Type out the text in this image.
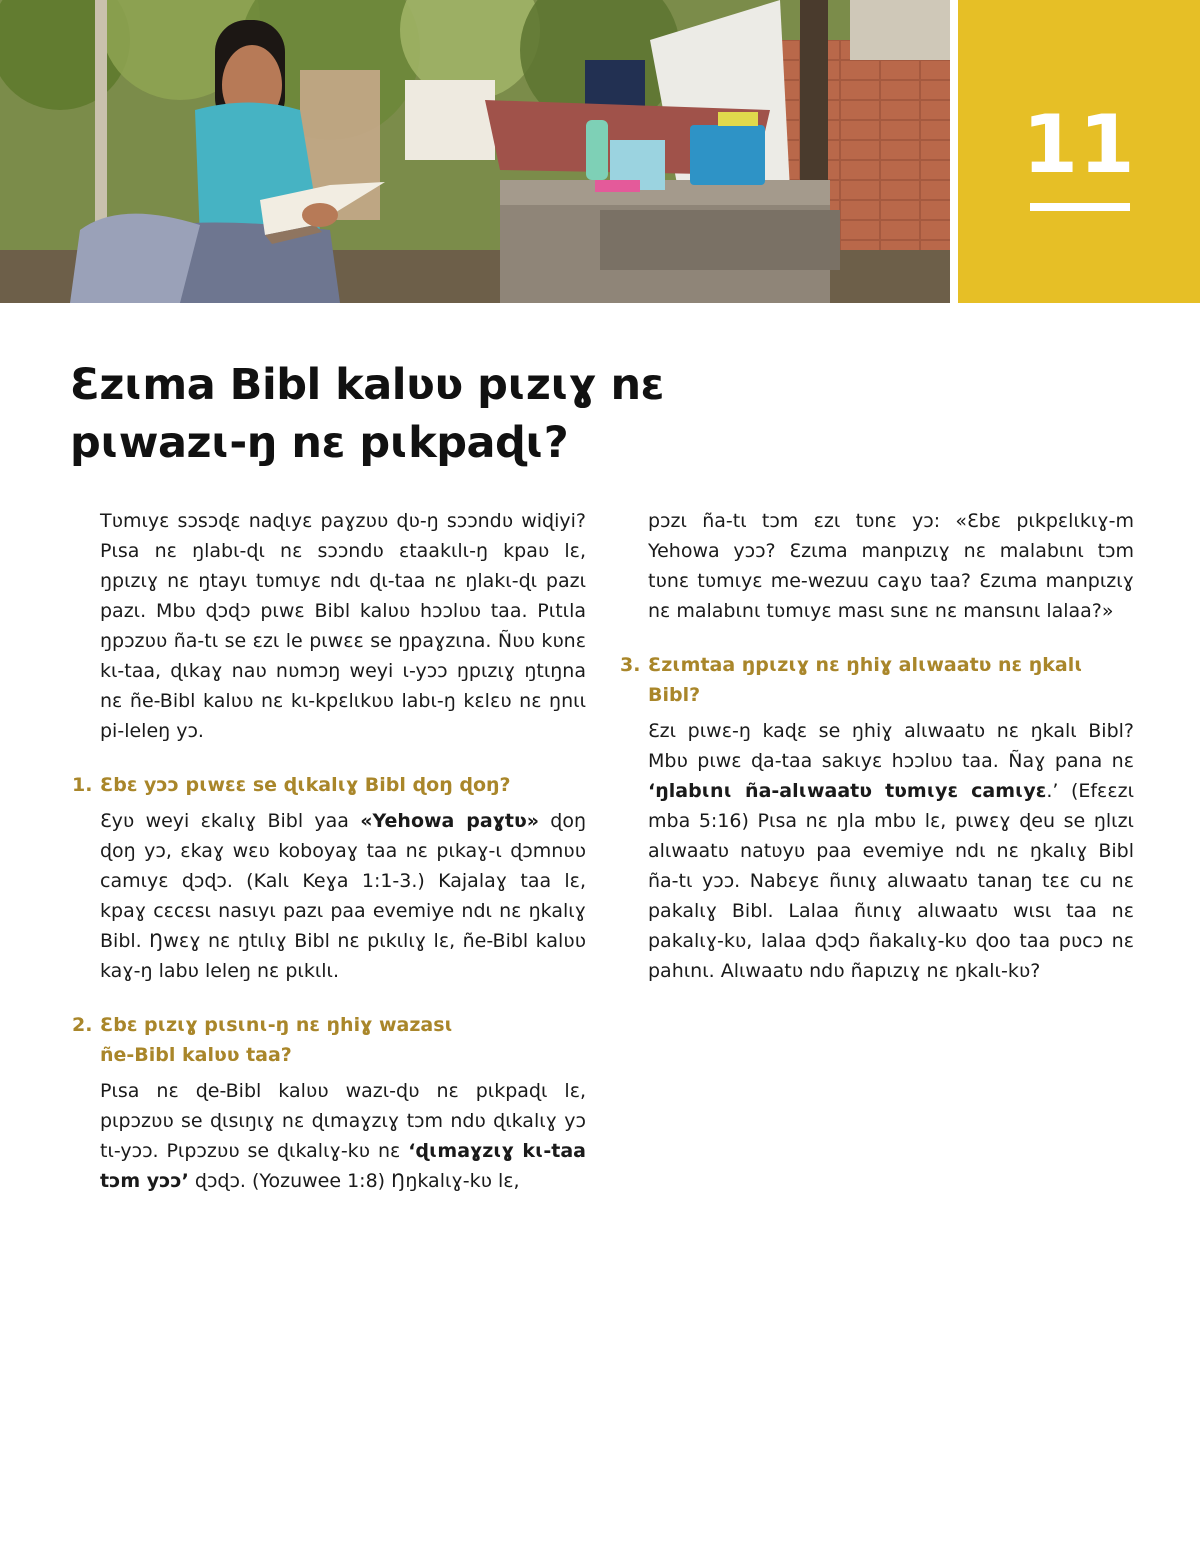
11
Ɛzɩma Bibl kalʋʋ pɩzɩɣ nɛ pɩwazɩ-ŋ nɛ pɩkpaɖɩ?

Tʋmɩyɛ sɔsɔɖɛ naɖɩyɛ paɣzʋʋ ɖʋ-ŋ sɔɔndʋ wiɖiyi? Pɩsa nɛ ŋlabɩ-ɖɩ nɛ sɔɔndʋ ɛtaakɩlɩ-ŋ kpaʋ lɛ, ŋpɩzɩɣ nɛ ŋtayɩ tʋmɩyɛ ndɩ ɖɩ-taa nɛ ŋlakɩ-ɖɩ pazɩ pazɩ. Mbʋ ɖɔɖɔ pɩwɛ Bibl kalʋʋ hɔɔlʋʋ taa. Pɩtɩla ŋpɔzʋʋ ña-tɩ se ɛzɩ le pɩwɛɛ se ŋpaɣzɩna. Ñʋʋ kʋnɛ kɩ-taa, ɖɩkaɣ naʋ nʋmɔŋ weyi ɩ-yɔɔ ŋpɩzɩɣ ŋtɩŋna nɛ ñe-Bibl kalʋʋ nɛ kɩ-kpɛlɩkʋʋ labɩ-ŋ kɛlɛʋ nɛ ŋnɩɩ pi-leleŋ yɔ.

1. Ɛbɛ yɔɔ pɩwɛɛ se ɖɩkalɩɣ Bibl ɖoŋ ɖoŋ?

Ɛyʋ weyi ɛkalɩɣ Bibl yaa «Yehowa paɣtʋ» ɖoŋ ɖoŋ yɔ, ɛkaɣ wɛʋ koboyaɣ taa nɛ pɩkaɣ-ɩ ɖɔmnʋʋ camɩyɛ ɖɔɖɔ. (Kalɩ Keɣa 1:1-3.) Kajalaɣ taa lɛ, kpaɣ cɛcɛsɩ nasɩyɩ pazɩ paa evemiye ndɩ nɛ ŋkalɩɣ Bibl. Ŋwɛɣ nɛ ŋtɩlɩɣ Bibl nɛ pɩkɩlɩɣ lɛ, ñe-Bibl kalʋʋ kaɣ-ŋ labʋ leleŋ nɛ pɩkɩlɩ.

2. Ɛbɛ pɩzɩɣ pɩsɩnɩ-ŋ nɛ ŋhiɣ wazasɩ
ñe-Bibl kalʋʋ taa?

Pɩsa nɛ ɖe-Bibl kalʋʋ wazɩ-ɖʋ nɛ pɩkpaɖɩ lɛ, pɩpɔzʋʋ se ɖɩsɩŋɩɣ nɛ ɖɩmaɣzɩɣ tɔm ndʋ ɖɩkalɩɣ yɔ tɩ-yɔɔ. Pɩpɔzʋʋ se ɖɩkalɩɣ-kʋ nɛ ‘ɖɩmaɣzɩɣ kɩ-taa tɔm yɔɔ’ ɖɔɖɔ. (Yozuwee 1:8) Ŋŋkalɩɣ-kʋ lɛ,

pɔzɩ ña-tɩ tɔm ɛzɩ tʋnɛ yɔ: «Ɛbɛ pɩkpɛlɩkɩɣ-m Yehowa yɔɔ? Ɛzɩma manpɩzɩɣ nɛ malabɩnɩ tɔm tʋnɛ tʋmɩyɛ me-wezuu caɣʋ taa? Ɛzɩma manpɩzɩɣ nɛ malabɩnɩ tʋmɩyɛ masɩ sɩnɛ nɛ mansɩnɩ lalaa?»

3. Ɛzɩmtaa ŋpɩzɩɣ nɛ ŋhiɣ alɩwaatʋ nɛ ŋkalɩ Bibl?

Ɛzɩ pɩwɛ-ŋ kaɖɛ se ŋhiɣ alɩwaatʋ nɛ ŋkalɩ Bibl? Mbʋ pɩwɛ ɖa-taa sakɩyɛ hɔɔlʋʋ taa. Ñaɣ pana nɛ ‘ŋlabɩnɩ ña-alɩwaatʋ tʋmɩyɛ camɩyɛ.’ (Efɛɛzɩ mba 5:16) Pɩsa nɛ ŋla mbʋ lɛ, pɩwɛɣ ɖeu se ŋlɩzɩ alɩwaatʋ natʋyʋ paa evemiye ndɩ nɛ ŋkalɩɣ Bibl ña-tɩ yɔɔ. Nabɛyɛ ñɩnɩɣ alɩwaatʋ tanaŋ tɛɛ cu nɛ pakalɩɣ Bibl. Lalaa ñɩnɩɣ alɩwaatʋ wɩsɩ taa nɛ pakalɩɣ-kʋ, lalaa ɖɔɖɔ ñakalɩɣ-kʋ ɖoo taa pʋcɔ nɛ pahɩnɩ. Alɩwaatʋ ndʋ ñapɩzɩɣ nɛ ŋkalɩ-kʋ?
